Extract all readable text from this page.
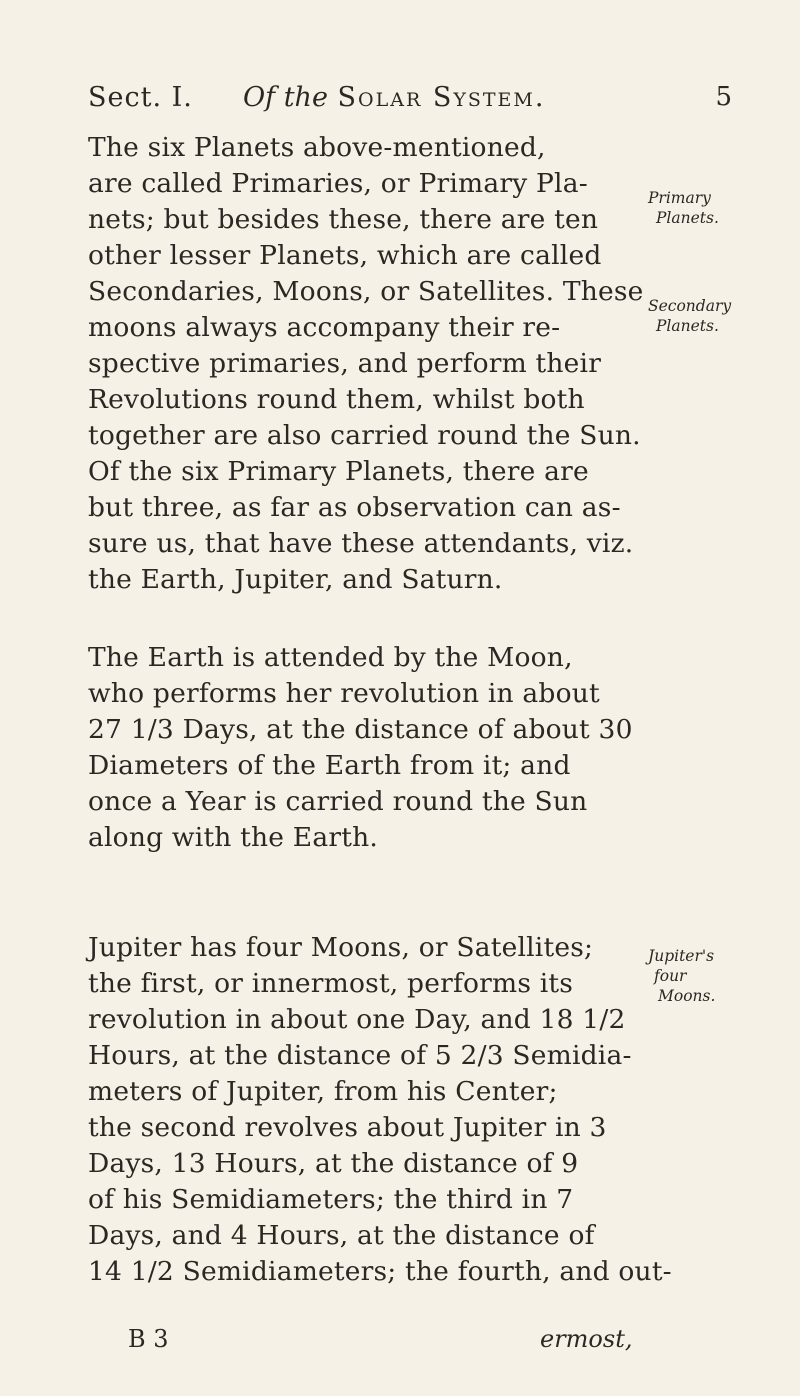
Sect. I. Of the Solar System.	5
The six Planets above-mentioned,
are called Primaries, or Primary Pla-
nets; but besides these, there are ten
other lesser Planets, which are called
Secondaries, Moons, or Satellites. These
moons always accompany their re-
spective primaries, and perform their
Revolutions round them, whilst both
together are also carried round the Sun.
Of the six Primary Planets, there are
but three, as far as observation can as-
sure us, that have these attendants, viz.
the Earth, Jupiter, and Saturn.
The Earth is attended by the Moon,
who performs her revolution in about
27 1/3 Days, at the distance of about 30
Diameters of the Earth from it; and
once a Year is carried round the Sun
along with the Earth.
Jupiter has four Moons, or Satellites;
the first, or innermost, performs its
revolution in about one Day, and 18 1/2
Hours, at the distance of 5 2/3 Semidia-
meters of Jupiter, from his Center;
the second revolves about Jupiter in 3
Days, 13 Hours, at the distance of 9
of his Semidiameters; the third in 7
Days, and 4 Hours, at the distance of
14 1/2 Semidiameters; the fourth, and out-
Primary
Planets.
Secondary
Planets.
Jupiter's
four
Moons.
B 3	ermost,
